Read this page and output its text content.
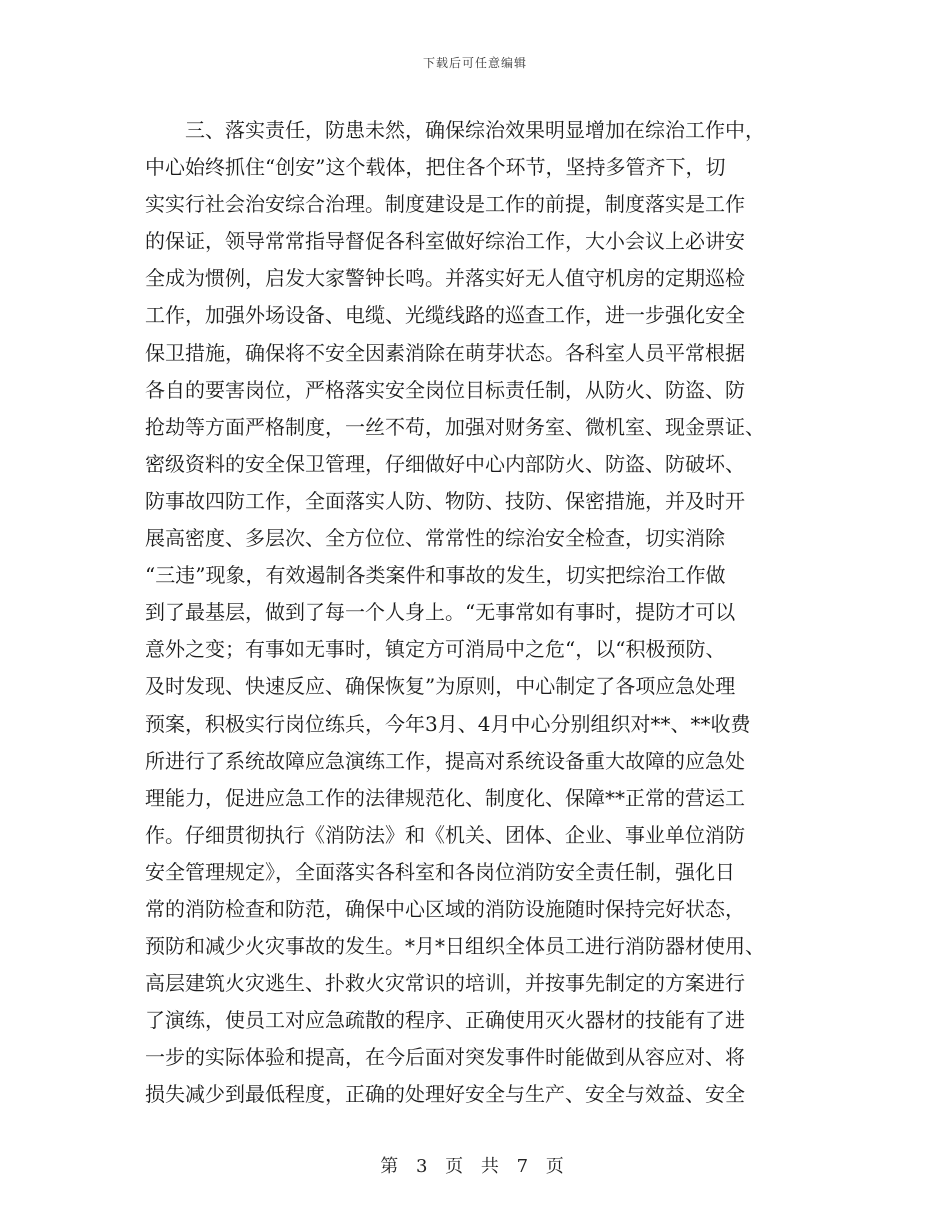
下载后可任意编辑
三、落实责任，防患未然，确保综治效果明显增加在综治工作中，
中心始终抓住“创安”这个载体，把住各个环节，坚持多管齐下，切
实实行社会治安综合治理。制度建设是工作的前提，制度落实是工作
的保证，领导常常指导督促各科室做好综治工作，大小会议上必讲安
全成为惯例，启发大家警钟长鸣。并落实好无人值守机房的定期巡检
工作，加强外场设备、电缆、光缆线路的巡查工作，进一步强化安全
保卫措施，确保将不安全因素消除在萌芽状态。各科室人员平常根据
各自的要害岗位，严格落实安全岗位目标责任制，从防火、防盗、防
抢劫等方面严格制度，一丝不苟，加强对财务室、微机室、现金票证、
密级资料的安全保卫管理，仔细做好中心内部防火、防盗、防破坏、
防事故四防工作，全面落实人防、物防、技防、保密措施，并及时开
展高密度、多层次、全方位位、常常性的综治安全检查，切实消除
“三违”现象，有效遏制各类案件和事故的发生，切实把综治工作做
到了最基层，做到了每一个人身上。“无事常如有事时，提防才可以
意外之变；有事如无事时，镇定方可消局中之危“，以“积极预防、
及时发现、快速反应、确保恢复”为原则，中心制定了各项应急处理
预案，积极实行岗位练兵，今年3月、4月中心分别组织对**、**收费
所进行了系统故障应急演练工作，提高对系统设备重大故障的应急处
理能力，促进应急工作的法律规范化、制度化、保障**正常的营运工
作。仔细贯彻执行《消防法》和《机关、团体、企业、事业单位消防
安全管理规定》，全面落实各科室和各岗位消防安全责任制，强化日
常的消防检查和防范，确保中心区域的消防设施随时保持完好状态，
预防和减少火灾事故的发生。*月*日组织全体员工进行消防器材使用、
高层建筑火灾逃生、扑救火灾常识的培训，并按事先制定的方案进行
了演练，使员工对应急疏散的程序、正确使用灭火器材的技能有了进
一步的实际体验和提高，在今后面对突发事件时能做到从容应对、将
损失减少到最低程度，正确的处理好安全与生产、安全与效益、安全
第 3 页 共 7 页
